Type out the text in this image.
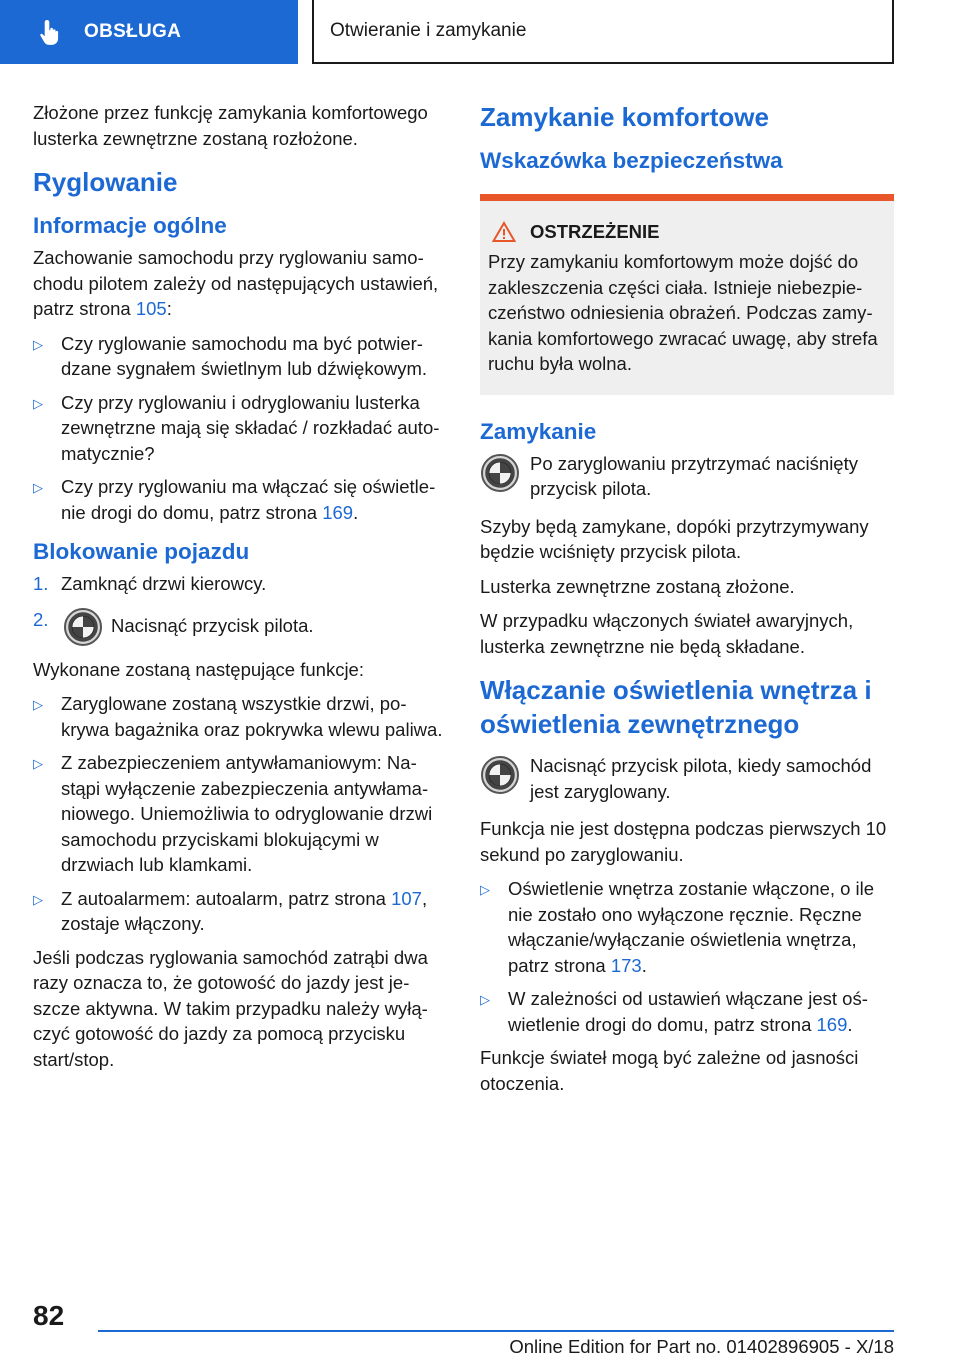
OBSŁUGA	Otwieranie i zamykanie

Złożone przez funkcję zamykania komfortowego lusterka zewnętrzne zostaną rozłożone.

Ryglowanie
Informacje ogólne

Zachowanie samochodu przy ryglowaniu samochodu pilotem zależy od następujących ustawień, patrz strona 105:

▷ Czy ryglowanie samochodu ma być potwierdzane sygnałem świetlnym lub dźwiękowym.
▷ Czy przy ryglowaniu i odryglowaniu lusterka zewnętrzne mają się składać / rozkładać automatycznie?
▷ Czy przy ryglowaniu ma włączać się oświetlenie drogi do domu, patrz strona 169.
Blokowanie pojazdu
1. Zamknąć drzwi kierowcy.
2.	Nacisnąć przycisk pilota.

Wykonane zostaną następujące funkcje:

▷ Zaryglowane zostaną wszystkie drzwi, pokrywa bagażnika oraz pokrywka wlewu paliwa.
▷ Z zabezpieczeniem antywłamaniowym: Nastąpi wyłączenie zabezpieczenia antywłamaniowego. Uniemożliwia to odryglowanie drzwi samochodu przyciskami blokującymi w drzwiach lub klamkami.
▷ Z autoalarmem: autoalarm, patrz strona 107, zostaje włączony.

Jeśli podczas ryglowania samochód zatrąbi dwa razy oznacza to, że gotowość do jazdy jest jeszcze aktywna. W takim przypadku należy wyłączyć gotowość do jazdy za pomocą przycisku start/stop.

Zamykanie komfortowe
Wskazówka bezpieczeństwa
OSTRZEŻENIE

Przy zamykaniu komfortowym może dojść do zakleszczenia części ciała. Istnieje niebezpieczeństwo odniesienia obrażeń. Podczas zamykania komfortowego zwracać uwagę, aby strefa ruchu była wolna.

Zamykanie

Po zaryglowaniu przytrzymać naciśnięty przycisk pilota.

Szyby będą zamykane, dopóki przytrzymywany będzie wciśnięty przycisk pilota.

Lusterka zewnętrzne zostaną złożone.

W przypadku włączonych świateł awaryjnych, lusterka zewnętrzne nie będą składane.

Włączanie oświetlenia wnętrza i oświetlenia zewnętrznego

Nacisnąć przycisk pilota, kiedy samochód jest zaryglowany.

Funkcja nie jest dostępna podczas pierwszych 10 sekund po zaryglowaniu.

▷ Oświetlenie wnętrza zostanie włączone, o ile nie zostało ono wyłączone ręcznie. Ręczne włączanie/wyłączanie oświetlenia wnętrza, patrz strona 173.
▷ W zależności od ustawień włączane jest oświetlenie drogi do domu, patrz strona 169.

Funkcje świateł mogą być zależne od jasności otoczenia.

82
Online Edition for Part no. 01402896905 - X/18
